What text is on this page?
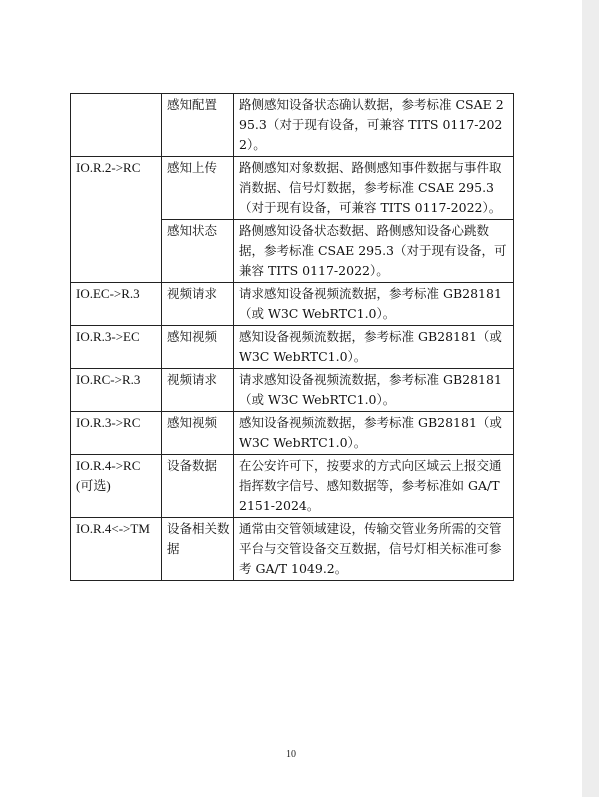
	感知配置	路侧感知设备状态确认数据，参考标准 CSAE 295.3（对于现有设备，可兼容 TITS 0117-2022）。
IO.R.2->RC	感知上传	路侧感知对象数据、路侧感知事件数据与事件取消数据、信号灯数据，参考标准 CSAE 295.3（对于现有设备，可兼容 TITS 0117-2022）。
	感知状态	路侧感知设备状态数据、路侧感知设备心跳数据，参考标准 CSAE 295.3（对于现有设备，可兼容 TITS 0117-2022）。
IO.EC->R.3	视频请求	请求感知设备视频流数据，参考标准 GB28181（或 W3C WebRTC1.0）。
IO.R.3->EC	感知视频	感知设备视频流数据，参考标准 GB28181（或 W3C WebRTC1.0）。
IO.RC->R.3	视频请求	请求感知设备视频流数据，参考标准 GB28181（或 W3C WebRTC1.0）。
IO.R.3->RC	感知视频	感知设备视频流数据，参考标准 GB28181（或 W3C WebRTC1.0）。
IO.R.4->RC (可选)	设备数据	在公安许可下，按要求的方式向区域云上报交通指挥数字信号、感知数据等，参考标准如 GA/T 2151-2024。
IO.R.4<->TM	设备相关数据	通常由交管领域建设，传输交管业务所需的交管平台与交管设备交互数据，信号灯相关标准可参考 GA/T 1049.2。
10
